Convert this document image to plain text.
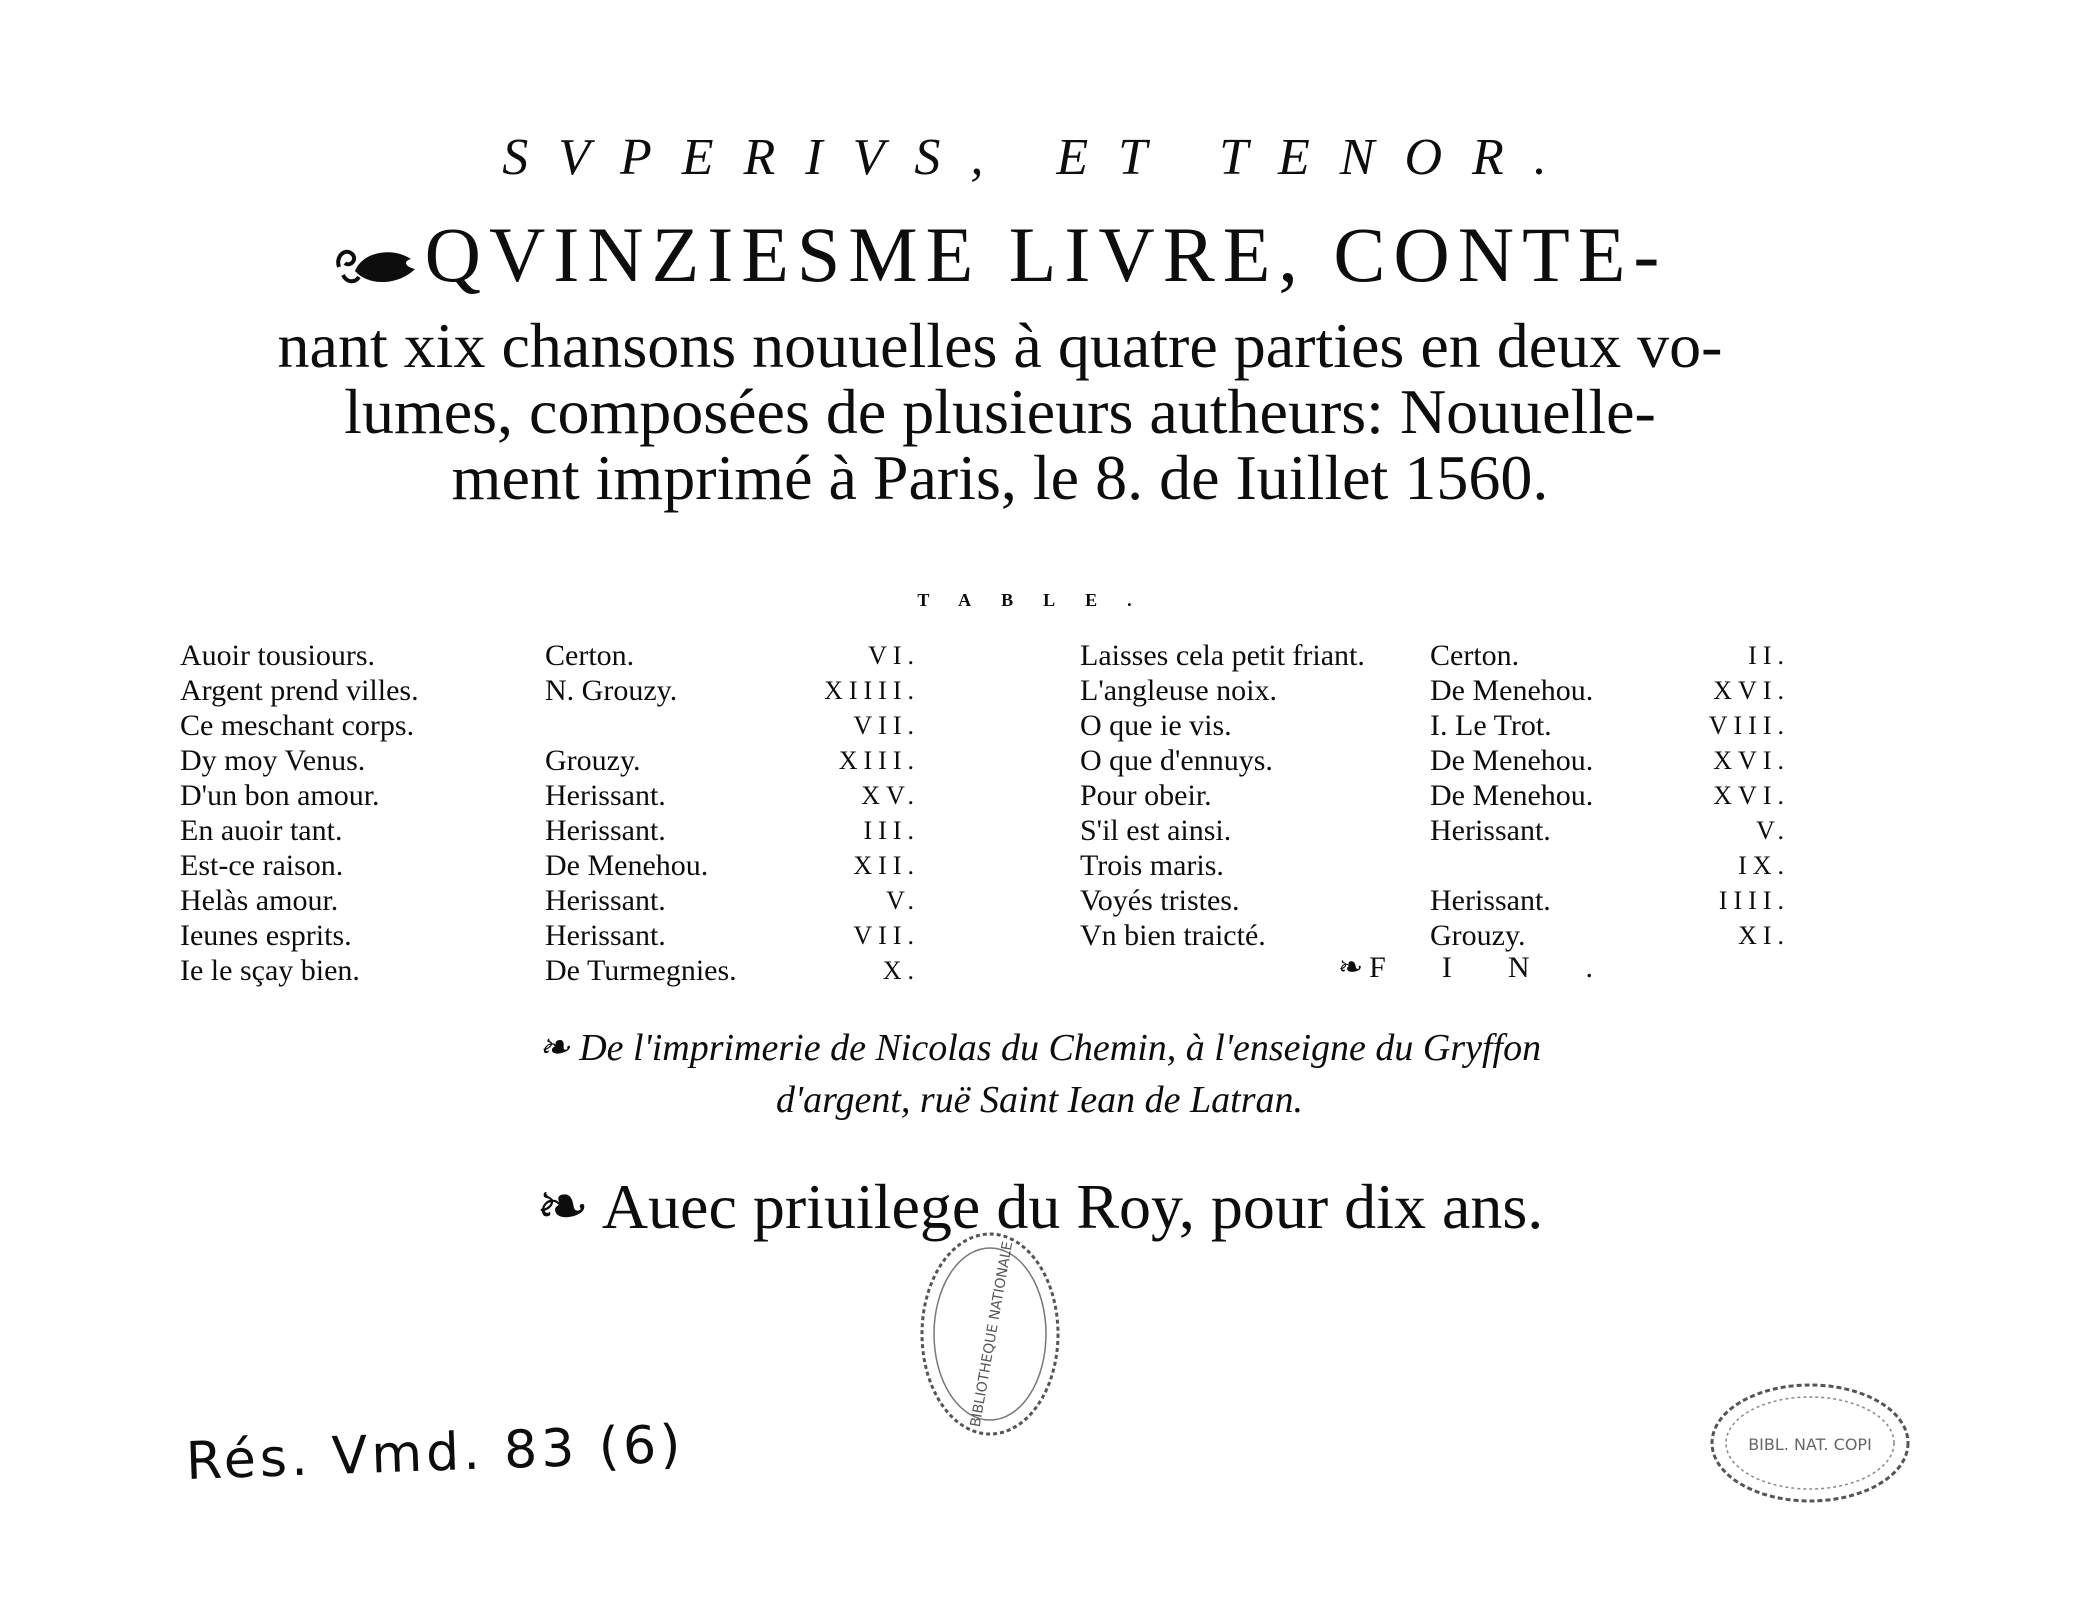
SVPERIVS, ET TENOR.
QVINZIESME LIVRE, CONTE-
nant xix chansons nouuelles à quatre parties en deux vo-
lumes, composées de plusieurs autheurs: Nouuelle-
ment imprimé à Paris, le 8. de Iuillet 1560.
TABLE.
Auoir tousiours.
Argent prend villes.
Ce meschant corps.
Dy moy Venus.
D'un bon amour.
En auoir tant.
Est-ce raison.
Helàs amour.
Ieunes esprits.
Ie le sçay bien.
Certon.
N. Grouzy.
Grouzy.
Herissant.
Herissant.
De Menehou.
Herissant.
Herissant.
De Turmegnies.
VI.
XIIII.
VII.
XIII.
XV.
III.
XII.
V.
VII.
X.
Laisses cela petit friant.
L'angleuse noix.
O que ie vis.
O que d'ennuys.
Pour obeir.
S'il est ainsi.
Trois maris.
Voyés tristes.
Vn bien traicté.
Certon.
De Menehou.
I. Le Trot.
De Menehou.
De Menehou.
Herissant.
Herissant.
Grouzy.
II.
XVI.
VIII.
XVI.
XVI.
V.
IX.
IIII.
XI.
❧ FIN.
❧ De l'imprimerie de Nicolas du Chemin, à l'enseigne du Gryffon
d'argent, ruë Saint Iean de Latran.
❧ Auec priuilege du Roy, pour dix ans.
BIBLIOTHEQUE NATIONALE
BIBL. NAT. COPI
Rés. Vmd. 83 (6)
